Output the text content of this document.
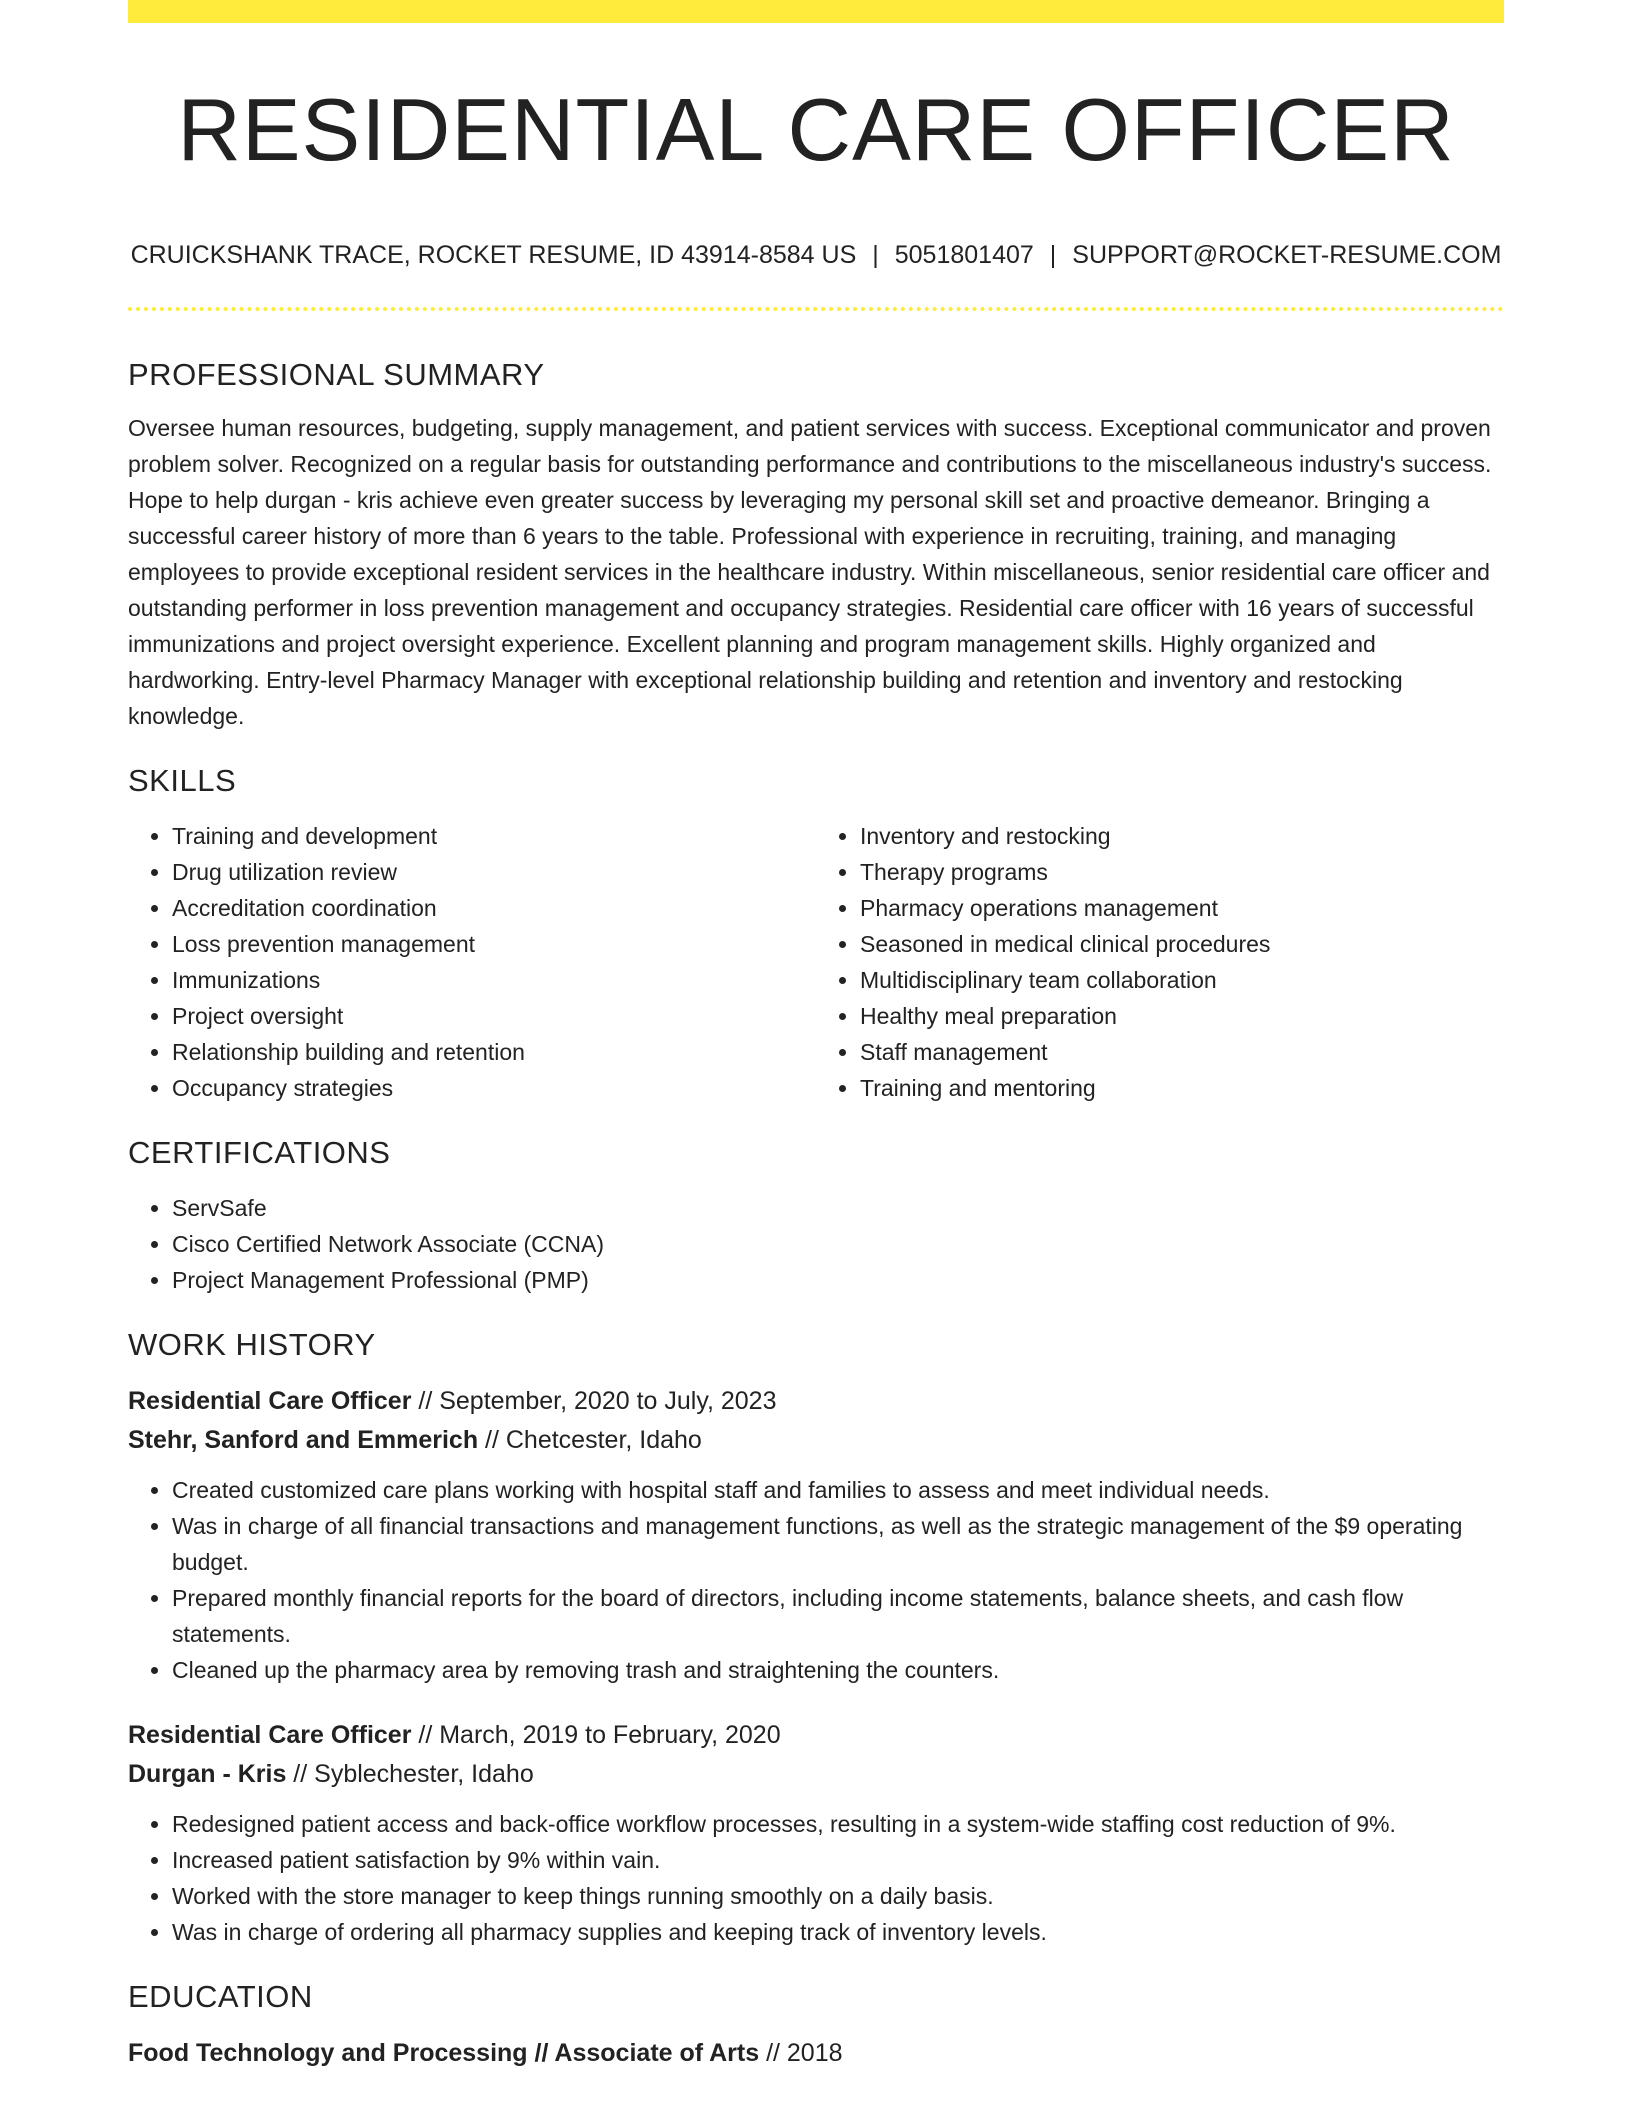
RESIDENTIAL CARE OFFICER
CRUICKSHANK TRACE, ROCKET RESUME, ID 43914-8584 US | 5051801407 | SUPPORT@ROCKET-RESUME.COM
PROFESSIONAL SUMMARY

Oversee human resources, budgeting, supply management, and patient services with success. Exceptional communicator and proven problem solver. Recognized on a regular basis for outstanding performance and contributions to the miscellaneous industry's success. Hope to help durgan - kris achieve even greater success by leveraging my personal skill set and proactive demeanor. Bringing a successful career history of more than 6 years to the table. Professional with experience in recruiting, training, and managing employees to provide exceptional resident services in the healthcare industry. Within miscellaneous, senior residential care officer and outstanding performer in loss prevention management and occupancy strategies. Residential care officer with 16 years of successful immunizations and project oversight experience. Excellent planning and program management skills. Highly organized and hardworking. Entry-level Pharmacy Manager with exceptional relationship building and retention and inventory and restocking knowledge.

SKILLS
• Training and development
• Drug utilization review
• Accreditation coordination
• Loss prevention management
• Immunizations
• Project oversight
• Relationship building and retention
• Occupancy strategies
• Inventory and restocking
• Therapy programs
• Pharmacy operations management
• Seasoned in medical clinical procedures
• Multidisciplinary team collaboration
• Healthy meal preparation
• Staff management
• Training and mentoring
CERTIFICATIONS
• ServSafe
• Cisco Certified Network Associate (CCNA)
• Project Management Professional (PMP)
WORK HISTORY
Residential Care Officer // September, 2020 to July, 2023
Stehr, Sanford and Emmerich // Chetcester, Idaho
• Created customized care plans working with hospital staff and families to assess and meet individual needs.
• Was in charge of all financial transactions and management functions, as well as the strategic management of the $9 operating budget.
• Prepared monthly financial reports for the board of directors, including income statements, balance sheets, and cash flow statements.
• Cleaned up the pharmacy area by removing trash and straightening the counters.
Residential Care Officer // March, 2019 to February, 2020
Durgan - Kris // Syblechester, Idaho
• Redesigned patient access and back-office workflow processes, resulting in a system-wide staffing cost reduction of 9%.
• Increased patient satisfaction by 9% within vain.
• Worked with the store manager to keep things running smoothly on a daily basis.
• Was in charge of ordering all pharmacy supplies and keeping track of inventory levels.
EDUCATION
Food Technology and Processing // Associate of Arts // 2018
